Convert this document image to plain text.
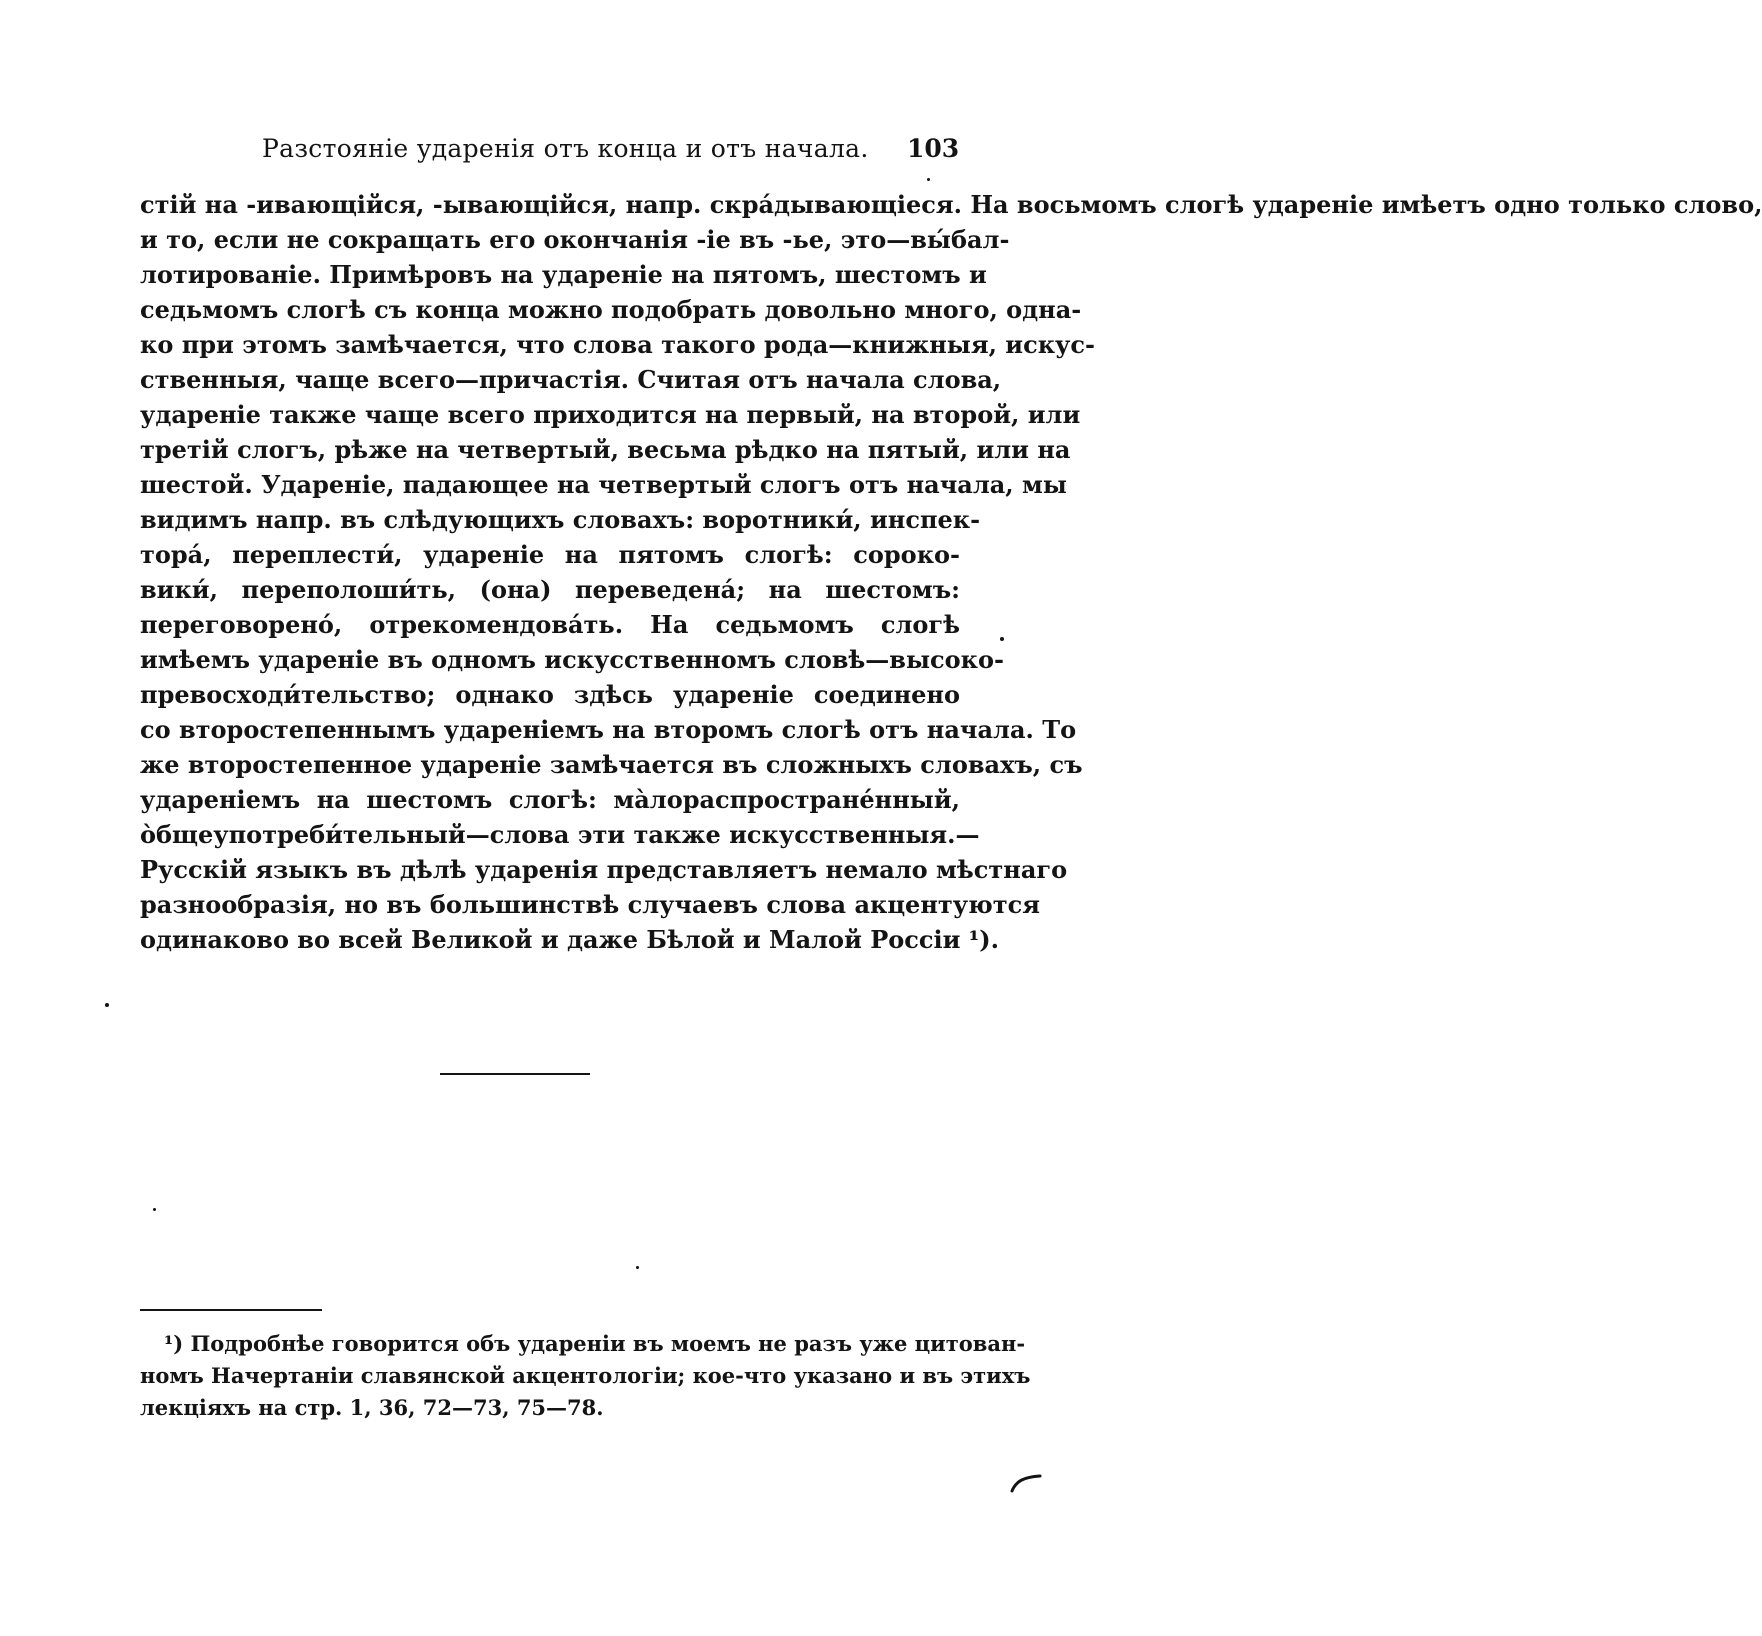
Разстояніе ударенія отъ конца и отъ начала. 103
стій на -ивающійся, -ывающійся, напр. скра́дывающіеся. На восьмомъ слогѣ удареніе имѣетъ одно только слово,
и то, если не сокращать его окончанія -іе въ -ье, это—вы́бал-
лотированіе. Примѣровъ на удареніе на пятомъ, шестомъ и
седьмомъ слогѣ съ конца можно подобрать довольно много, одна-
ко при этомъ замѣчается, что слова такого рода—книжныя, искус-
ственныя, чаще всего—причастія. Считая отъ начала слова,
удареніе также чаще всего приходится на первый, на второй, или
третій слогъ, рѣже на четвертый, весьма рѣдко на пятый, или на
шестой. Удареніе, падающее на четвертый слогъ отъ начала, мы
видимъ напр. въ слѣдующихъ словахъ: воротники́, инспек-
тора́, переплести́, удареніе на пятомъ слогѣ: сороко-
вики́, переполоши́ть, (она) переведена́; на шестомъ:
переговорено́, отрекомендова́ть. На седьмомъ слогѣ
имѣемъ удареніе въ одномъ искусственномъ словѣ—высоко-
превосходи́тельство; однако здѣсь удареніе соединено
со второстепеннымъ удареніемъ на второмъ слогѣ отъ начала. То
же второстепенное удареніе замѣчается въ сложныхъ словахъ, съ
удареніемъ на шестомъ слогѣ: ма̀лораспростране́нный,
о̀бщеупотреби́тельный—слова эти также искусственныя.—
Русскій языкъ въ дѣлѣ ударенія представляетъ немало мѣстнаго
разнообразія, но въ большинствѣ случаевъ слова акцентуются
одинаково во всей Великой и даже Бѣлой и Малой Россіи ¹).
¹) Подробнѣе говорится объ удареніи въ моемъ не разъ уже цитован-
номъ Начертаніи славянской акцентологіи; кое-что указано и въ этихъ
лекціяхъ на стр. 1, 36, 72—73, 75—78.
